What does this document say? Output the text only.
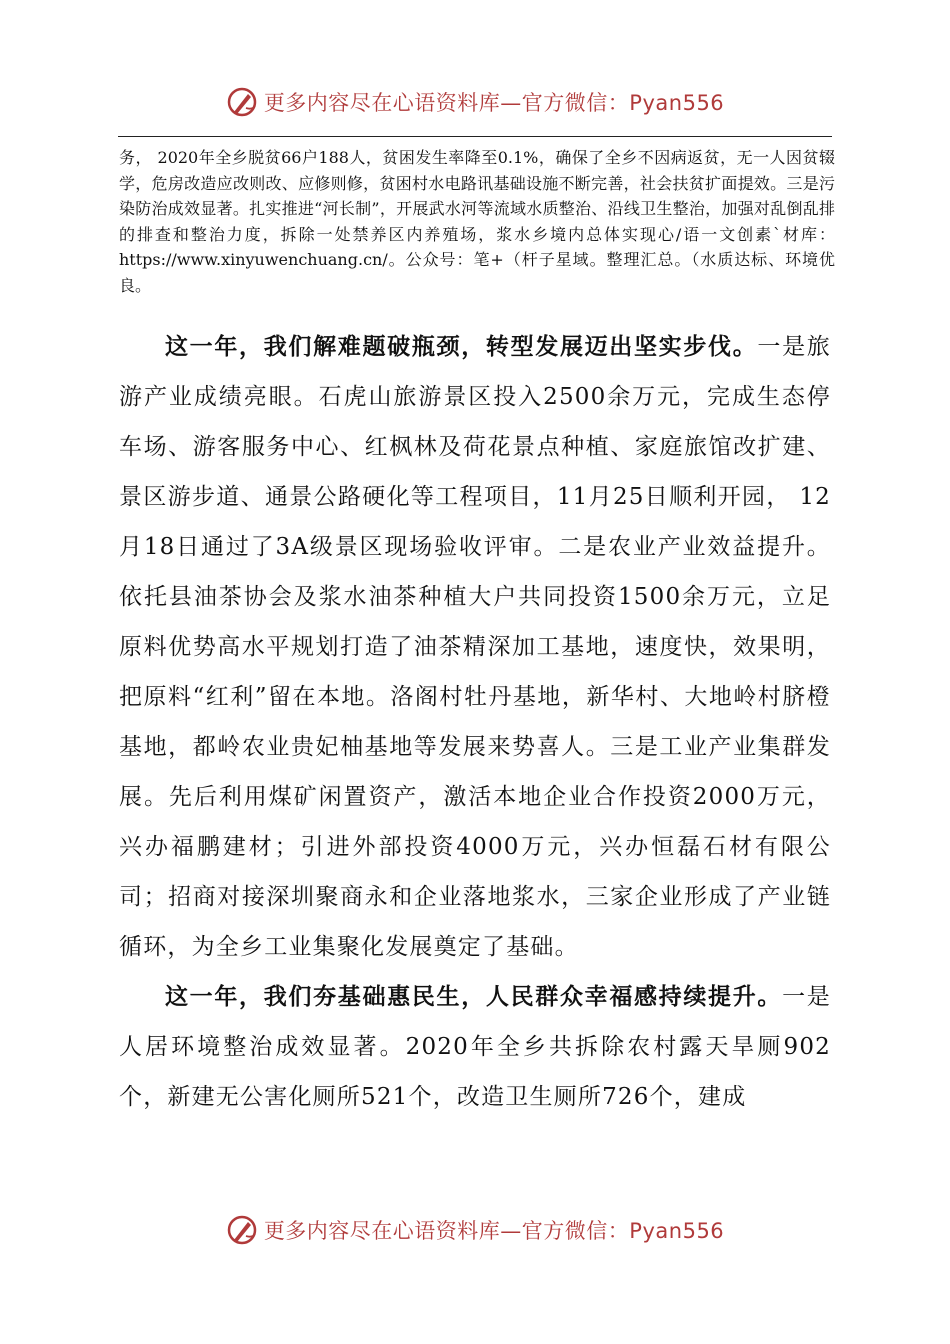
更多内容尽在心语资料库—官方微信：Pyan556
务， 2020年全乡脱贫66户188人，贫困发生率降至0.1%，确保了全乡不因病返贫，无一人因贫辍学，危房改造应改则改、应修则修，贫困村水电路讯基础设施不断完善，社会扶贫扩面提效。三是污染防治成效显著。扎实推进“河长制”，开展武水河等流域水质整治、沿线卫生整治，加强对乱倒乱排的排查和整治力度，拆除一处禁养区内养殖场，浆水乡境内总体实现心/语一文创素`材库：https://www.xinyuwenchuang.cn/。公众号：笔+（杆子星域。整理汇总。（水质达标、环境优良。

这一年，我们解难题破瓶颈，转型发展迈出坚实步伐。一是旅游产业成绩亮眼。石虎山旅游景区投入2500余万元，完成生态停车场、游客服务中心、红枫林及荷花景点种植、家庭旅馆改扩建、景区游步道、通景公路硬化等工程项目，11月25日顺利开园， 12月18日通过了3A级景区现场验收评审。二是农业产业效益提升。依托县油茶协会及浆水油茶种植大户共同投资1500余万元，立足原料优势高水平规划打造了油茶精深加工基地，速度快，效果明，把原料“红利”留在本地。洛阁村牡丹基地，新华村、大地岭村脐橙基地，都岭农业贵妃柚基地等发展来势喜人。三是工业产业集群发展。先后利用煤矿闲置资产，激活本地企业合作投资2000万元，兴办福鹏建材；引进外部投资4000万元，兴办恒磊石材有限公司；招商对接深圳聚商永和企业落地浆水，三家企业形成了产业链循环，为全乡工业集聚化发展奠定了基础。

这一年，我们夯基础惠民生，人民群众幸福感持续提升。一是人居环境整治成效显著。2020年全乡共拆除农村露天旱厕902个，新建无公害化厕所521个，改造卫生厕所726个，建成

更多内容尽在心语资料库—官方微信：Pyan556
